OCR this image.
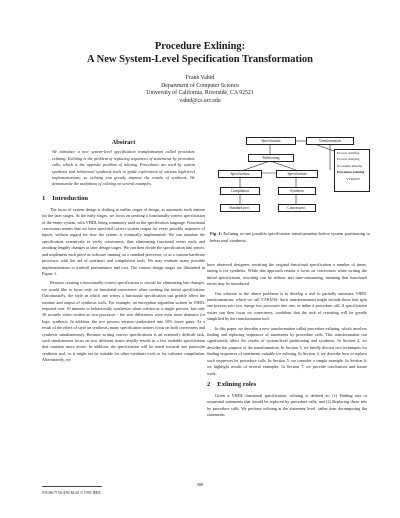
Procedure Exlining:
A New System-Level Specification Transformation
Frank Vahid
Department of Computer Science
University of California, Riverside, CA 92521
vahid@cs.ucr.edu
Abstract
We introduce a new system-level specification transformation called procedure exlining. Exlining is the problem of replacing sequences of statements by procedure calls, which is the opposite problem of inlining. Procedures are used by system synthesis and behavioral synthesis tools to guide exploration of various high-level implementations; so exlining can greatly improve the results of synthesis. We demonstrate the usefulness of exlining on several examples.
1 Introduction

The focus of system design is shifting to earlier stages of design, as automatic tools mature for the later stages. At the early stages, we focus on creating a functionally-correct specification of the entire system, with VHDL being commonly used as the specification language. Functional correctness means that we have specified correct system output for every possible sequence of inputs, without regard for how the system is eventually implemented. We can simulate the specification extensively to verify correctness, thus eliminating functional errors early and avoiding lengthy changes at later design stages. We can then divide the specification into pieces, and implement each piece as software running on a standard processor, or as a custom-hardware processor, with the aid of synthesis and compilation tools. We may evaluate many possible implementations to tradeoff performance and cost. The various design stages are illustrated in Figure 1.

Because creating a functionally-correct specification is crucial for eliminating late changes, we would like to focus only on functional-correctness when creating the initial specification. Unfortunately, the style in which one writes a functional specification can greatly affect the runtime and output of synthesis tools. For example, an encryption algorithm written in VHDL required over 10 minutes to behaviorally synthesize when written as a single process, but only 30 seconds when written as two processes - the size differences were even more dramatic for logic synthesis. In addition, the two process version synthesized into 10% fewer gates. As a result of the effect of style on synthesis, many specification writers focus on both correctness and synthesis simultaneously. Because writing correct specifications is an extremely difficult task, such simultaneous focus on two different issues usually results in a less readable specification that contains more errors. In addition, the specification will be tuned towards one particular synthesis tool, so it might not be suitable for other synthesis tools or for software compilation. Alternatively, we

Specification	Transformation
Partitioning
Specification	Specification
Compilation	Synthesis
Standard proc.	Custom proc.
Process splitting
Process merging
Procedure inlining
Procedure exlining
VTRANS
Fig. 1: Exlining as one possible specification transformation before system partitioning or behavioral synthesis.

have observed designers rewriting the original functional specification a number of times, tuning it for synthesis. While this approach retains a focus on correctness when writing the initial specification, rewriting can be tedious and time-consuming, meaning that functional errors may be introduced.

Our solution to the above problems is to develop a tool to partially automate VHDL transformations, which we call VTRANS. Such transformations might include those that split one process into two, merge two processes into one, or inline a procedure call. A specification writer can then focus on correctness, confident that the task of rewriting will be greatly simplified by the transformation tool.

In this paper, we describe a new transformation called procedure exlining, which involves finding and replacing sequences of statements by procedure calls. This transformation can significantly affect the results of system-level partitioning and synthesis. In Section 2, we describe the purpose of the transformation. In Section 3, we briefly discuss two techniques for finding sequences of statements suitable for exlining. In Section 4, we describe how to replace such sequences by procedure calls. In Section 5, we consider a simple example. In Section 6, we highlight results of several examples. In Section 7, we provide conclusions and future work.

2 Exlining roles

Given a VHDL functional specification, exlining is defined as: (1) Finding sets of sequential statements that should be replaced by procedure calls, and (2) Replacing those sets by procedure calls. We perform exlining at the statement level, rather than decomposing the statements

508
0-8186-7156-4/95 $4.00 © 1995 IEEE
